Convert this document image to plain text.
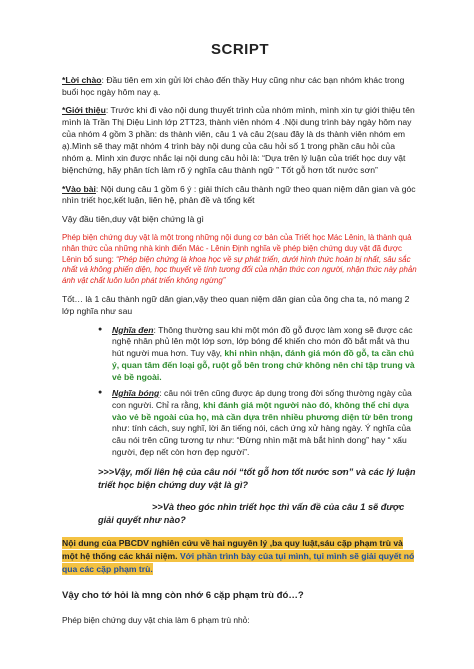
SCRIPT

*Lời chào: Đầu tiên em xin gửi lời chào đến thầy Huy cũng như các bạn nhóm khác trong buổi học ngày hôm nay ạ.

*Giới thiệu: Trước khi đi vào nội dung thuyết trình của nhóm mình, mình xin tự giới thiệu tên mình là Trần Thị Diệu Linh lớp 2TT23, thành viên nhóm 4 .Nội dung trình bày ngày hôm nay của nhóm 4 gồm 3 phần: ds thành viên, câu 1 và câu 2(sau đây là ds thành viên nhóm em ạ).Mình sẽ thay mặt nhóm 4 trình bày nội dung của câu hỏi số 1 trong phần câu hỏi của nhóm ạ. Mình xin được nhắc lại nội dung câu hỏi là: “Dựa trên lý luận của triết học duy vật biệnchứng, hãy phân tích làm rõ ý nghĩa câu thành ngữ ” Tốt gỗ hơn tốt nước sơn”

*Vào bài: Nội dung câu 1 gồm 6 ý : giải thích câu thành ngữ theo quan niệm dân gian và góc nhìn triết học,kết luận, liên hệ, phản đề và tổng kết

Vậy đầu tiên,duy vật biện chứng là gì

Phép biện chứng duy vật là một trong những nội dung cơ bản của Triết học Mác Lênin, là thành quả nhân thức của những nhà kinh điển Mác - Lênin Định nghĩa về phép biện chứng duy vật đã được Lênin bổ sung: “Phép biện chứng là khoa học về sự phát triển, dưới hình thức hoàn bị nhất, sâu sắc nhất và không phiến diện, học thuyết về tính tương đối của nhận thức con người, nhận thức này phản ánh vật chất luôn luôn phát triển không ngừng”

Tốt… là 1 câu thành ngữ dân gian,vậy theo quan niệm dân gian của ông cha ta, nó mang 2 lớp nghĩa như sau

● Nghĩa đen: Thông thường sau khi một món đồ gỗ được làm xong sẽ được các nghệ nhân phủ lên một lớp sơn, lớp bóng để khiến cho món đồ bắt mắt và thu hút người mua hơn. Tuy vậy, khi nhìn nhận, đánh giá món đồ gỗ, ta cần chú ý, quan tâm đến loại gỗ, ruột gỗ bên trong chứ không nên chỉ tập trung và vẻ bề ngoài.
● Nghĩa bóng: câu nói trên cũng được áp dụng trong đời sống thường ngày của con người. Chỉ ra rằng, khi đánh giá một người nào đó, không thể chỉ dựa vào vẻ bề ngoài của họ, mà cần dựa trên nhiều phương diện từ bên trong như: tính cách, suy nghĩ, lời ăn tiếng nói, cách ứng xử hàng ngày. Ý nghĩa của câu nói trên cũng tương tự như: “Đừng nhìn mặt mà bắt hình dong” hay “ xấu người, đẹp nết còn hơn đẹp người”.
>>>Vậy, mối liên hệ của câu nói “tốt gỗ hơn tốt nước sơn” và các lý luận triết học biện chứng duy vật là gì?
>>Và theo góc nhìn triết học thì vấn đề của câu 1 sẽ được giải quyết như nào?

Nội dung của PBCDV nghiên cứu về hai nguyên lý ,ba quy luật,sáu cặp phạm trù và một hệ thống các khái niệm. Với phần trình bày của tụi mình, tụi mình sẽ giải quyết nó qua các cặp phạm trù.

Vậy cho tớ hỏi là mng còn nhớ 6 cặp phạm trù đó…?

Phép biện chứng duy vật chia làm 6 phạm trù nhỏ:
